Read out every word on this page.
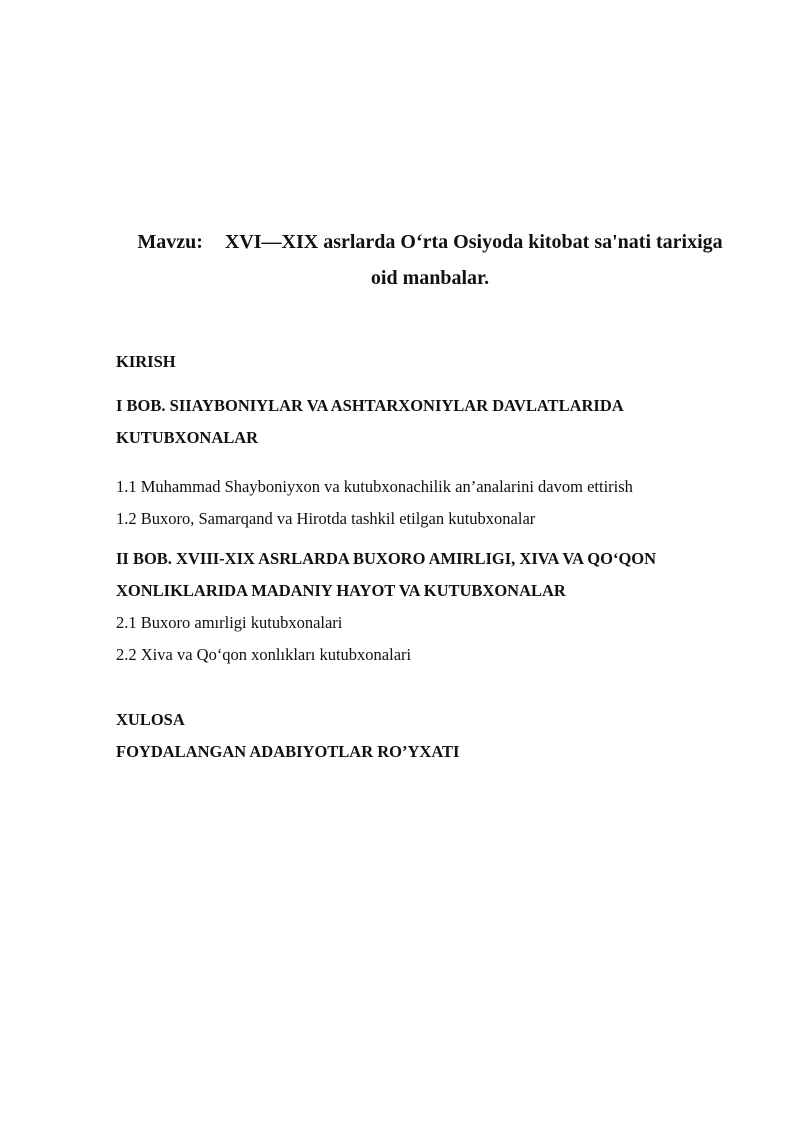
Mavzu: XVI—XIX asrlarda O‘rta Osiyoda kitobat sa'nati tarixiga
oid manbalar.

KIRISH

I BOB. SIIAYBONIYLAR VA ASHTARXONIYLAR DAVLATLARIDA

KUTUBXONALAR

1.1 Muhammad Shayboniyxon va kutubxonachilik an’analarini davom ettirish

1.2 Buxoro, Samarqand va Hirotda tashkil etilgan kutubxonalar

II BOB. XVIII-XIX ASRLARDA BUXORO AMIRLIGI, XIVA VA QO‘QON

XONLIKLARIDA MADANIY HAYOT VA KUTUBXONALAR

2.1 Buxoro amırligi kutubxonalari

2.2 Xiva va Qo‘qon xonlıkları kutubxonalari

XULOSA

FOYDALANGAN ADABIYOTLAR RO’YXATI
